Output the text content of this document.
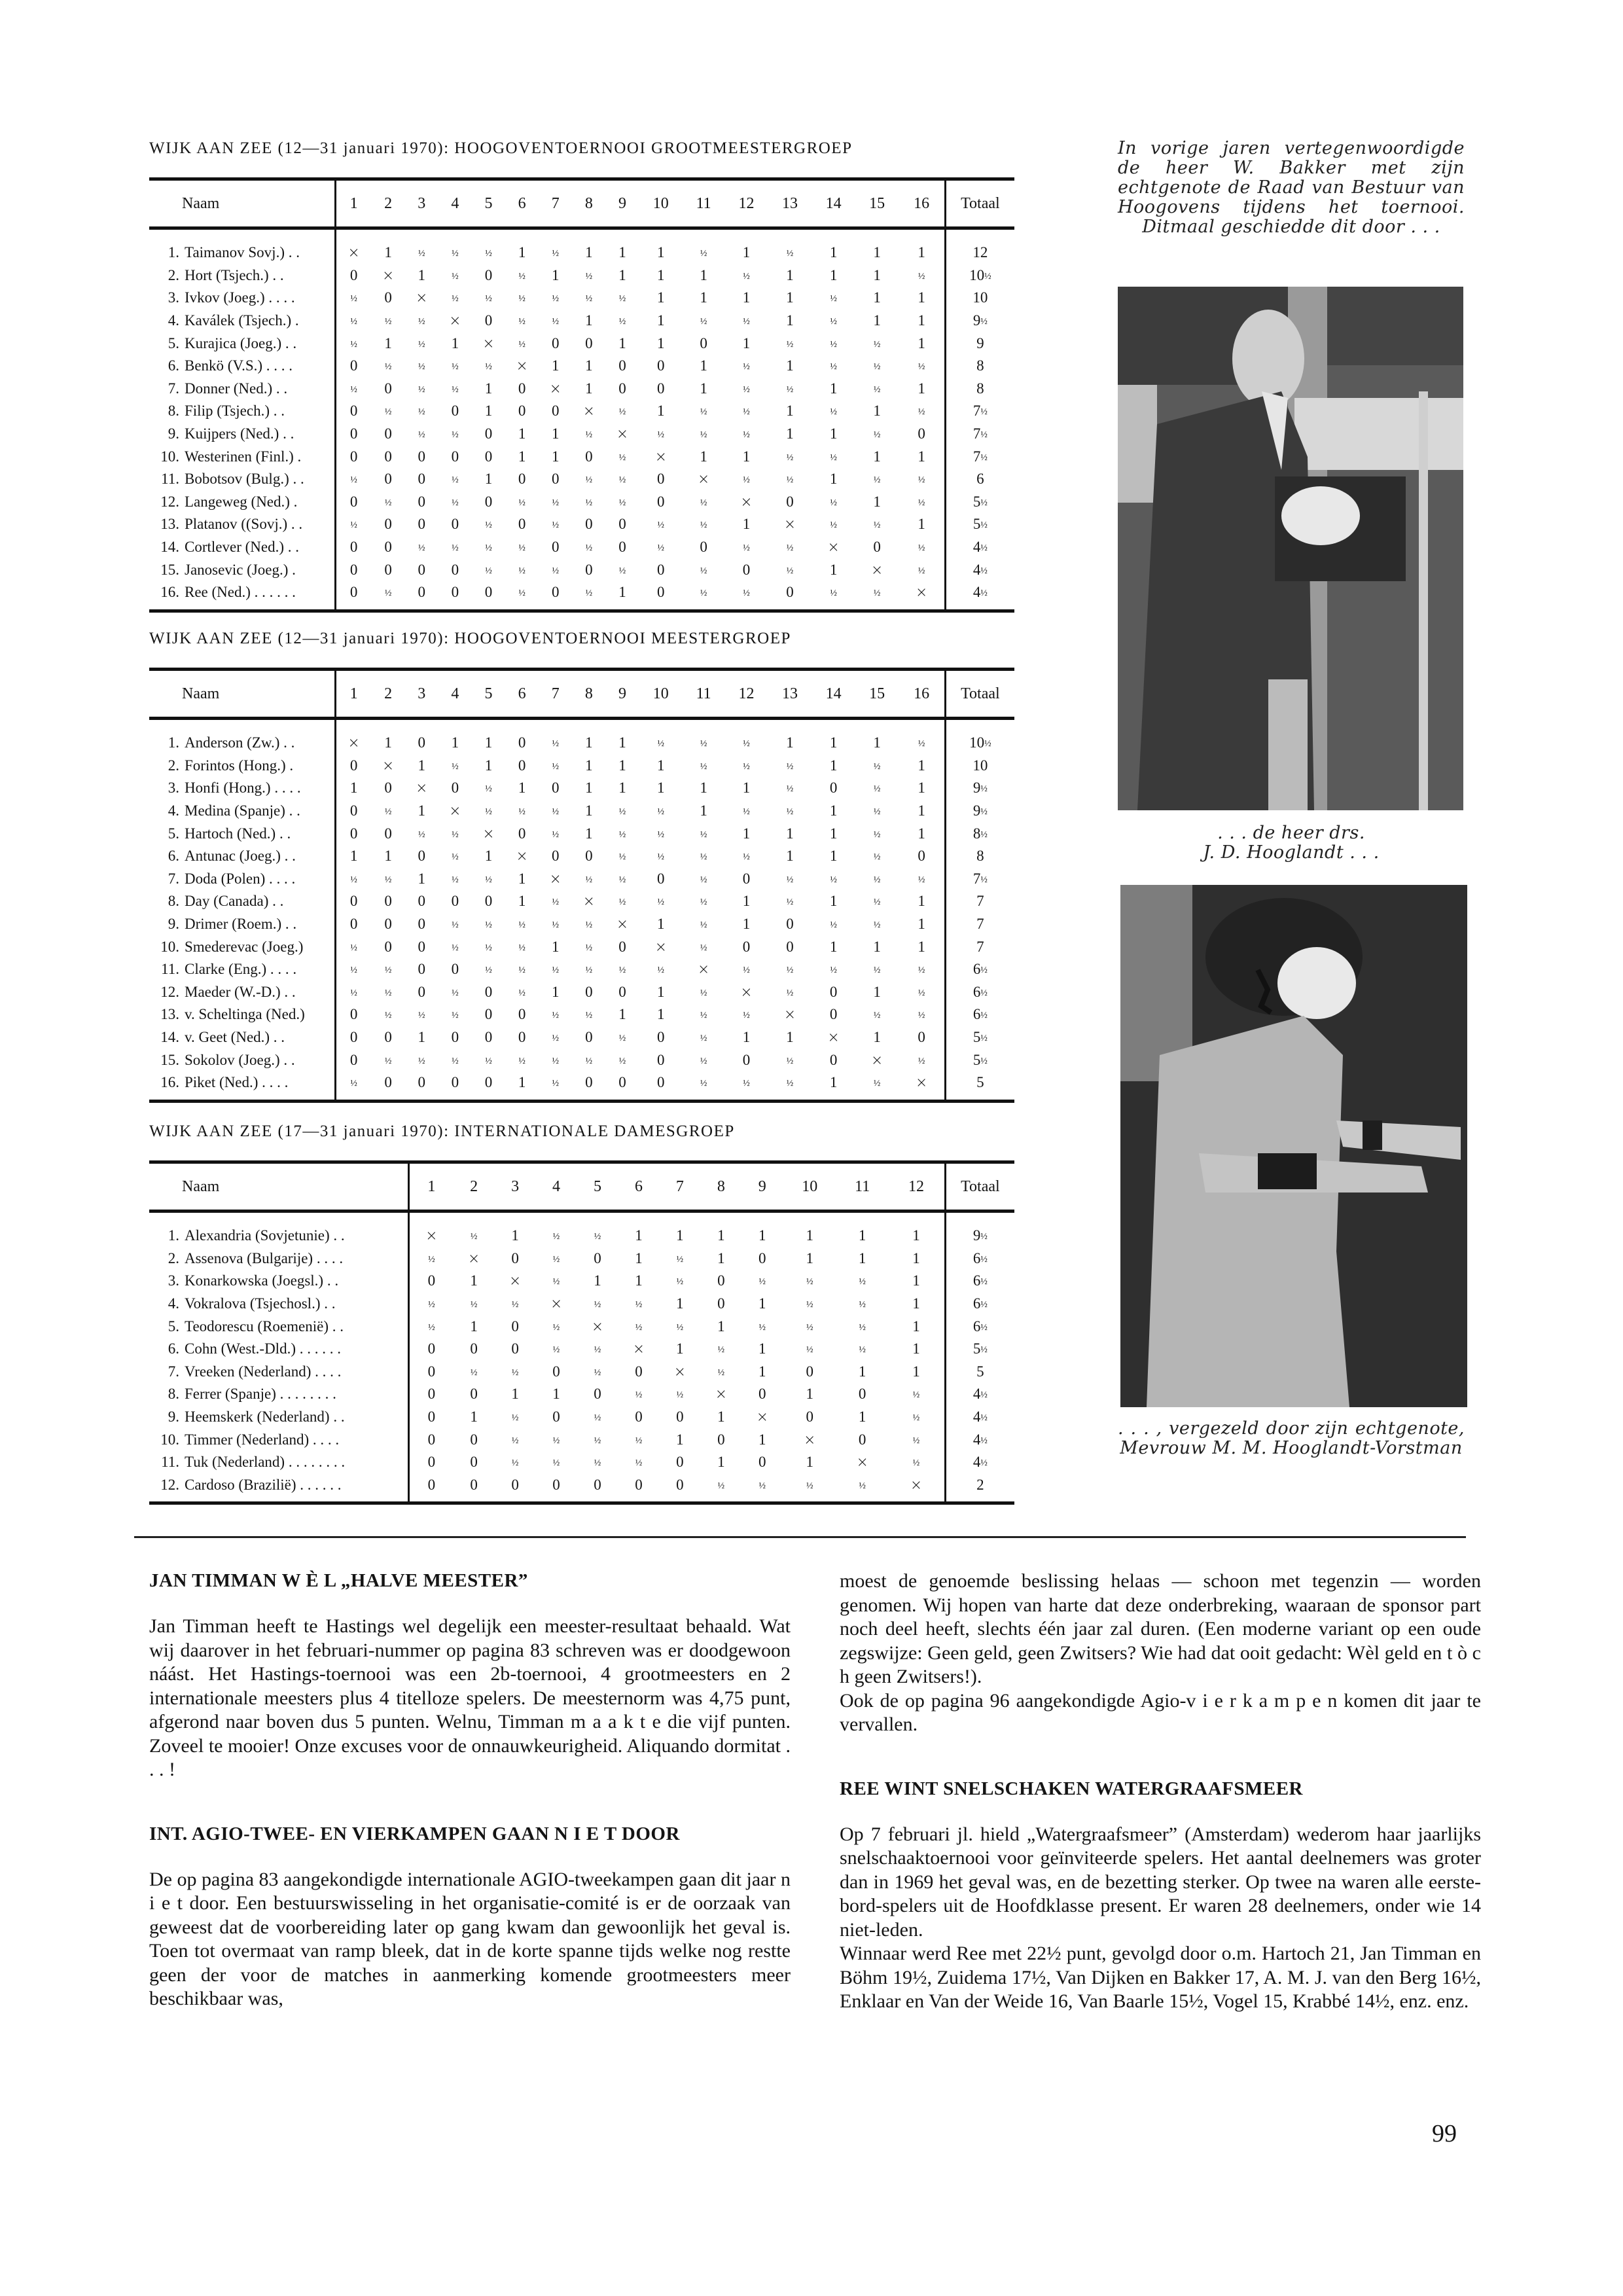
WIJK AAN ZEE (12—31 januari 1970): HOOGOVENTOERNOOI GROOTMEESTERGROEP
Naam	1	2	3	4	5	6	7	8	9	10	11	12	13	14	15	16	Totaal
1. Taimanov Sovj.) . .	×	1	½	½	½	1	½	1	1	1	½	1	½	1	1	1	12
2. Hort (Tsjech.) . .	0	×	1	½	0	½	1	½	1	1	1	½	1	1	1	½	10½
3. Ivkov (Joeg.) . . . .	½	0	×	½	½	½	½	½	½	1	1	1	1	½	1	1	10
4. Kaválek (Tsjech.) .	½	½	½	×	0	½	½	1	½	1	½	½	1	½	1	1	9½
5. Kurajica (Joeg.) . .	½	1	½	1	×	½	0	0	1	1	0	1	½	½	½	1	9
6. Benkö (V.S.) . . . .	0	½	½	½	½	×	1	1	0	0	1	½	1	½	½	½	8
7. Donner (Ned.) . .	½	0	½	½	1	0	×	1	0	0	1	½	½	1	½	1	8
8. Filip (Tsjech.) . .	0	½	½	0	1	0	0	×	½	1	½	½	1	½	1	½	7½
9. Kuijpers (Ned.) . .	0	0	½	½	0	1	1	½	×	½	½	½	1	1	½	0	7½
10. Westerinen (Finl.) .	0	0	0	0	0	1	1	0	½	×	1	1	½	½	1	1	7½
11. Bobotsov (Bulg.) . .	½	0	0	½	1	0	0	½	½	0	×	½	½	1	½	½	6
12. Langeweg (Ned.) .	0	½	0	½	0	½	½	½	½	0	½	×	0	½	1	½	5½
13. Platanov ((Sovj.) . .	½	0	0	0	½	0	½	0	0	½	½	1	×	½	½	1	5½
14. Cortlever (Ned.) . .	0	0	½	½	½	½	0	½	0	½	0	½	½	×	0	½	4½
15. Janosevic (Joeg.) .	0	0	0	0	½	½	½	0	½	0	½	0	½	1	×	½	4½
16. Ree (Ned.) . . . . . .	0	½	0	0	0	½	0	½	1	0	½	½	0	½	½	×	4½
WIJK AAN ZEE (12—31 januari 1970): HOOGOVENTOERNOOI MEESTERGROEP
Naam	1	2	3	4	5	6	7	8	9	10	11	12	13	14	15	16	Totaal
1. Anderson (Zw.) . .	×	1	0	1	1	0	½	1	1	½	½	½	1	1	1	½	10½
2. Forintos (Hong.) .	0	×	1	½	1	0	½	1	1	1	½	½	½	1	½	1	10
3. Honfi (Hong.) . . . .	1	0	×	0	½	1	0	1	1	1	1	1	½	0	½	1	9½
4. Medina (Spanje) . .	0	½	1	×	½	½	½	1	½	½	1	½	½	1	½	1	9½
5. Hartoch (Ned.) . .	0	0	½	½	×	0	½	1	½	½	½	1	1	1	½	1	8½
6. Antunac (Joeg.) . .	1	1	0	½	1	×	0	0	½	½	½	½	1	1	½	0	8
7. Doda (Polen) . . . .	½	½	1	½	½	1	×	½	½	0	½	0	½	½	½	½	7½
8. Day (Canada) . .	0	0	0	0	0	1	½	×	½	½	½	1	½	1	½	1	7
9. Drimer (Roem.) . .	0	0	0	½	½	½	½	½	×	1	½	1	0	½	½	1	7
10. Smederevac (Joeg.)	½	0	0	½	½	½	1	½	0	×	½	0	0	1	1	1	7
11. Clarke (Eng.) . . . .	½	½	0	0	½	½	½	½	½	½	×	½	½	½	½	½	6½
12. Maeder (W.-D.) . .	½	½	0	½	0	½	1	0	0	1	½	×	½	0	1	½	6½
13. v. Scheltinga (Ned.)	0	½	½	½	0	0	½	½	1	1	½	½	×	0	½	½	6½
14. v. Geet (Ned.) . .	0	0	1	0	0	0	½	0	½	0	½	1	1	×	1	0	5½
15. Sokolov (Joeg.) . .	0	½	½	½	½	½	½	½	½	0	½	0	½	0	×	½	5½
16. Piket (Ned.) . . . .	½	0	0	0	0	1	½	0	0	0	½	½	½	1	½	×	5
WIJK AAN ZEE (17—31 januari 1970): INTERNATIONALE DAMESGROEP
Naam	1	2	3	4	5	6	7	8	9	10	11	12	Totaal
1. Alexandria (Sovjetunie) . .	×	½	1	½	½	1	1	1	1	1	1	1	9½
2. Assenova (Bulgarije) . . . .	½	×	0	½	0	1	½	1	0	1	1	1	6½
3. Konarkowska (Joegsl.) . .	0	1	×	½	1	1	½	0	½	½	½	1	6½
4. Vokralova (Tsjechosl.) . .	½	½	½	×	½	½	1	0	1	½	½	1	6½
5. Teodorescu (Roemenië) . .	½	1	0	½	×	½	½	1	½	½	½	1	6½
6. Cohn (West.-Dld.) . . . . . .	0	0	0	½	½	×	1	½	1	½	½	1	5½
7. Vreeken (Nederland) . . . .	0	½	½	0	½	0	×	½	1	0	1	1	5
8. Ferrer (Spanje) . . . . . . . .	0	0	1	1	0	½	½	×	0	1	0	½	4½
9. Heemskerk (Nederland) . .	0	1	½	0	½	0	0	1	×	0	1	½	4½
10. Timmer (Nederland) . . . .	0	0	½	½	½	½	1	0	1	×	0	½	4½
11. Tuk (Nederland) . . . . . . . .	0	0	½	½	½	½	0	1	0	1	×	½	4½
12. Cardoso (Brazilië) . . . . . .	0	0	0	0	0	0	0	½	½	½	½	×	2
In vorige jaren vertegenwoordigde de heer W. Bakker met zijn echtgenote de Raad van Bestuur van Hoogovens tijdens het toernooi. Ditmaal geschiedde dit door . . .
. . . de heer drs.
J. D. Hooglandt . . .
. . . , vergezeld door zijn echtgenote, Mevrouw M. M. Hooglandt-Vorstman
JAN TIMMAN W È L „HALVE MEESTER”

Jan Timman heeft te Hastings wel degelijk een meester-resultaat behaald. Wat wij daarover in het februari-nummer op pagina 83 schreven was er doodgewoon náást. Het Hastings-toernooi was een 2b-toernooi, 4 grootmeesters en 2 internationale meesters plus 4 titelloze spelers. De meesternorm was 4,75 punt, afgerond naar boven dus 5 punten. Welnu, Timman m a a k t e die vijf punten. Zoveel te mooier! Onze excuses voor de onnauwkeurigheid. Aliquando dormitat . . . !

INT. AGIO-TWEE- EN VIERKAMPEN GAAN N I E T DOOR

De op pagina 83 aangekondigde internationale AGIO-tweekampen gaan dit jaar n i e t door. Een bestuurswisseling in het organisatie-comité is er de oorzaak van geweest dat de voorbereiding later op gang kwam dan gewoonlijk het geval is. Toen tot overmaat van ramp bleek, dat in de korte spanne tijds welke nog restte geen der voor de matches in aanmerking komende grootmeesters meer beschikbaar was,

moest de genoemde beslissing helaas — schoon met tegenzin — worden genomen. Wij hopen van harte dat deze onderbreking, waaraan de sponsor part noch deel heeft, slechts één jaar zal duren. (Een moderne variant op een oude zegswijze: Geen geld, geen Zwitsers? Wie had dat ooit gedacht: Wèl geld en t ò c h geen Zwitsers!).

Ook de op pagina 96 aangekondigde Agio-v i e r k a m p e n komen dit jaar te vervallen.

REE WINT SNELSCHAKEN WATERGRAAFSMEER

Op 7 februari jl. hield „Watergraafsmeer” (Amsterdam) wederom haar jaarlijks snelschaaktoernooi voor geïnviteerde spelers. Het aantal deelnemers was groter dan in 1969 het geval was, en de bezetting sterker. Op twee na waren alle eerste-bord-spelers uit de Hoofdklasse present. Er waren 28 deelnemers, onder wie 14 niet-leden.

Winnaar werd Ree met 22½ punt, gevolgd door o.m. Hartoch 21, Jan Timman en Böhm 19½, Zuidema 17½, Van Dijken en Bakker 17, A. M. J. van den Berg 16½, Enklaar en Van der Weide 16, Van Baarle 15½, Vogel 15, Krabbé 14½, enz. enz.

99
